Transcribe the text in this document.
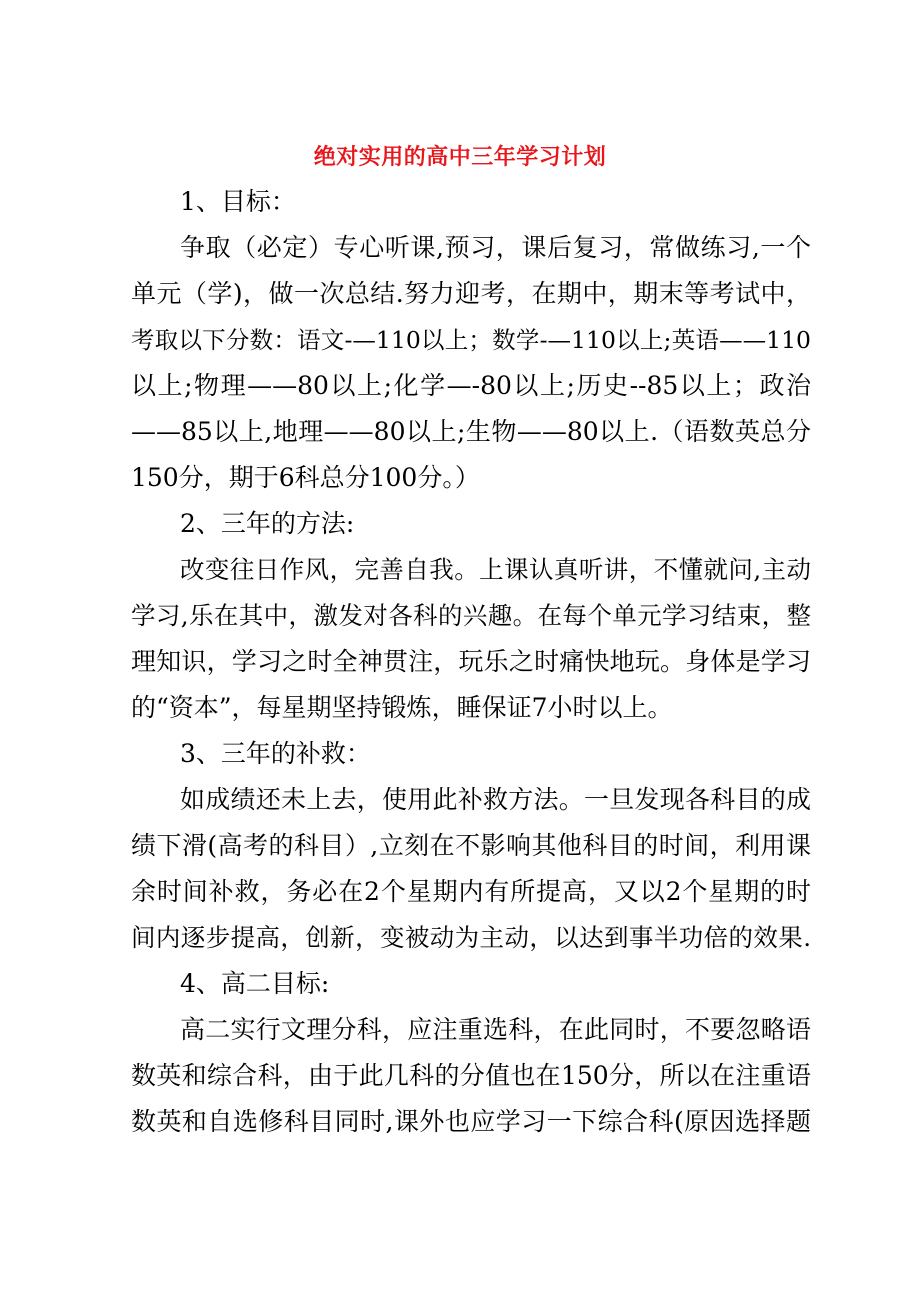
绝对实用的高中三年学习计划
1、目标：
争取（必定）专心听课,预习，课后复习，常做练习,一个
单元（学)，做一次总结.努力迎考，在期中，期末等考试中，
考取以下分数：语文-—110以上；数学-—110以上;英语——110
以上;物理——80以上;化学—-80以上;历史--85以上；政治
——85以上,地理——80以上;生物——80以上.（语数英总分
150分，期于6科总分100分。）
2、三年的方法:
改变往日作风，完善自我。上课认真听讲，不懂就问,主动
学习,乐在其中，激发对各科的兴趣。在每个单元学习结束，整
理知识，学习之时全神贯注，玩乐之时痛快地玩。身体是学习
的“资本”，每星期坚持锻炼，睡保证7小时以上。
3、三年的补救：
如成绩还未上去，使用此补救方法。一旦发现各科目的成
绩下滑(高考的科目）,立刻在不影响其他科目的时间，利用课
余时间补救，务必在2个星期内有所提高，又以2个星期的时
间内逐步提高，创新，变被动为主动，以达到事半功倍的效果.
4、高二目标:
高二实行文理分科，应注重选科，在此同时，不要忽略语
数英和综合科，由于此几科的分值也在150分，所以在注重语
数英和自选修科目同时,课外也应学习一下综合科(原因选择题
